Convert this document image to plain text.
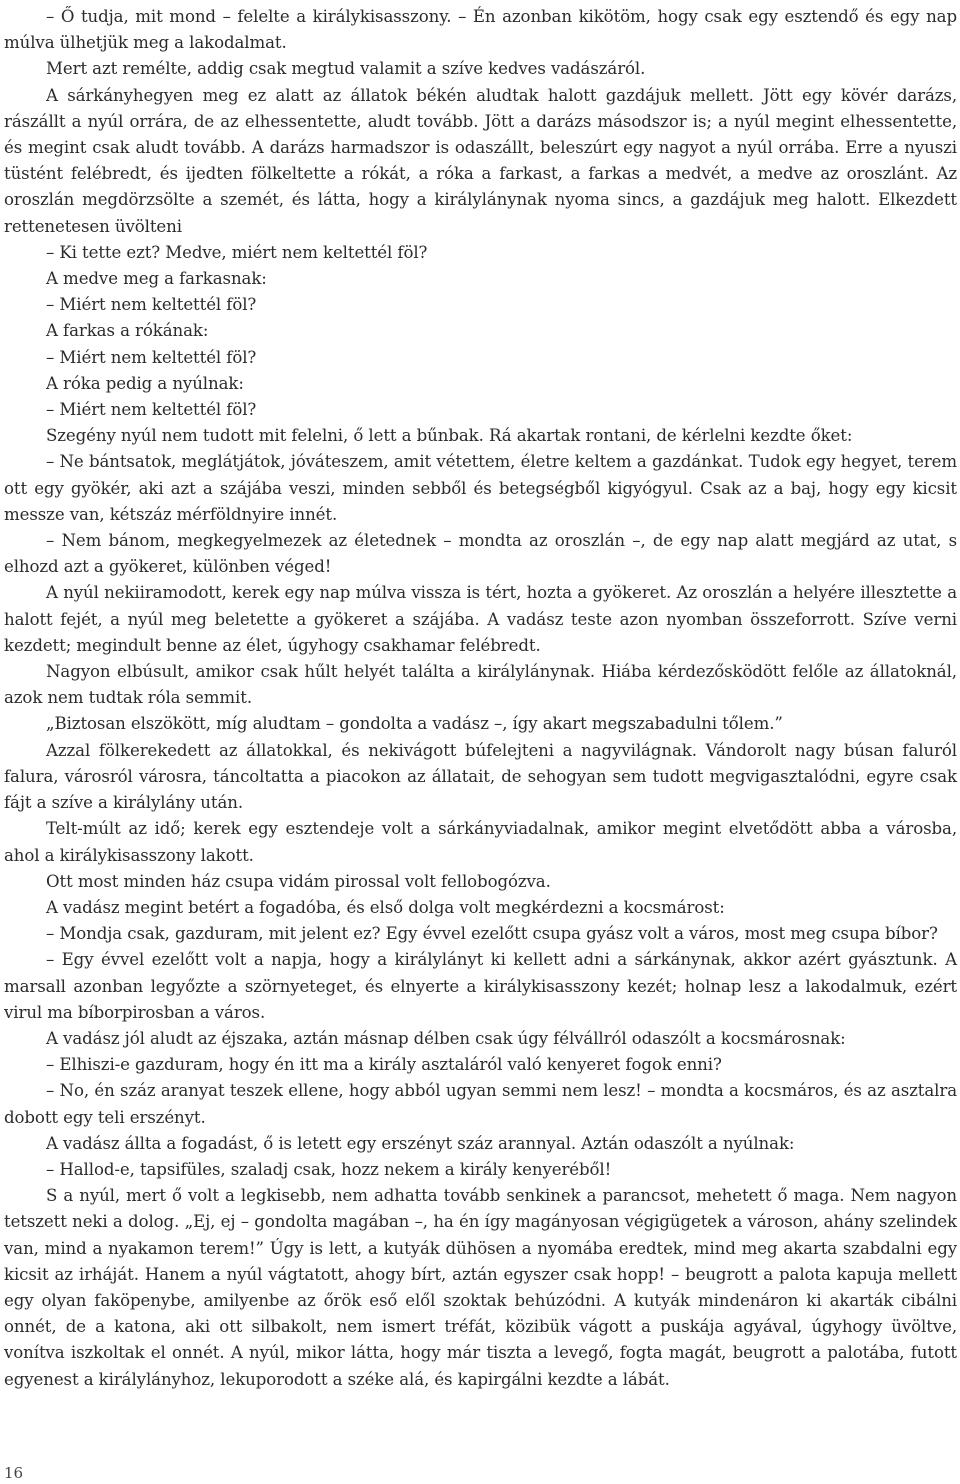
– Ő tudja, mit mond – felelte a királykisasszony. – Én azonban kikötöm, hogy csak egy esztendő és egy nap múlva ülhetjük meg a lakodalmat.

Mert azt remélte, addig csak megtud valamit a szíve kedves vadászáról.

A sárkányhegyen meg ez alatt az állatok békén aludtak halott gazdájuk mellett. Jött egy kövér darázs, rászállt a nyúl orrára, de az elhessentette, aludt tovább. Jött a darázs másodszor is; a nyúl megint elhessentette, és megint csak aludt tovább. A darázs harmadszor is odaszállt, beleszúrt egy nagyot a nyúl orrába. Erre a nyuszi tüstént felébredt, és ijedten fölkeltette a rókát, a róka a farkast, a farkas a medvét, a medve az oroszlánt. Az oroszlán megdörzsölte a szemét, és látta, hogy a királylánynak nyoma sincs, a gazdájuk meg halott. Elkezdett rettenetesen üvölteni

– Ki tette ezt? Medve, miért nem keltettél föl?

A medve meg a farkasnak:

– Miért nem keltettél föl?

A farkas a rókának:

– Miért nem keltettél föl?

A róka pedig a nyúlnak:

– Miért nem keltettél föl?

Szegény nyúl nem tudott mit felelni, ő lett a bűnbak. Rá akartak rontani, de kérlelni kezdte őket:

– Ne bántsatok, meglátjátok, jóváteszem, amit vétettem, életre keltem a gazdánkat. Tudok egy hegyet, terem ott egy gyökér, aki azt a szájába veszi, minden sebből és betegségből kigyógyul. Csak az a baj, hogy egy kicsit messze van, kétszáz mérföldnyire innét.

– Nem bánom, megkegyelmezek az életednek – mondta az oroszlán –, de egy nap alatt megjárd az utat, s elhozd azt a gyökeret, különben véged!

A nyúl nekiiramodott, kerek egy nap múlva vissza is tért, hozta a gyökeret. Az oroszlán a helyére illesztette a halott fejét, a nyúl meg beletette a gyökeret a szájába. A vadász teste azon nyomban összeforrott. Szíve verni kezdett; megindult benne az élet, úgyhogy csakhamar felébredt.

Nagyon elbúsult, amikor csak hűlt helyét találta a királylánynak. Hiába kérdezősködött felőle az állatoknál, azok nem tudtak róla semmit.

„Biztosan elszökött, míg aludtam – gondolta a vadász –, így akart megszabadulni tőlem.”

Azzal fölkerekedett az állatokkal, és nekivágott búfelejteni a nagyvilágnak. Vándorolt nagy búsan faluról falura, városról városra, táncoltatta a piacokon az állatait, de sehogyan sem tudott megvigasztalódni, egyre csak fájt a szíve a királylány után.

Telt-múlt az idő; kerek egy esztendeje volt a sárkányviadalnak, amikor megint elvetődött abba a városba, ahol a királykisasszony lakott.

Ott most minden ház csupa vidám pirossal volt fellobogózva.

A vadász megint betért a fogadóba, és első dolga volt megkérdezni a kocsmárost:

– Mondja csak, gazduram, mit jelent ez? Egy évvel ezelőtt csupa gyász volt a város, most meg csupa bíbor?

– Egy évvel ezelőtt volt a napja, hogy a királylányt ki kellett adni a sárkánynak, akkor azért gyásztunk. A marsall azonban legyőzte a szörnyeteget, és elnyerte a királykisasszony kezét; holnap lesz a lakodalmuk, ezért virul ma bíborpirosban a város.

A vadász jól aludt az éjszaka, aztán másnap délben csak úgy félvállról odaszólt a kocsmárosnak:

– Elhiszi-e gazduram, hogy én itt ma a király asztaláról való kenyeret fogok enni?

– No, én száz aranyat teszek ellene, hogy abból ugyan semmi nem lesz! – mondta a kocsmáros, és az asztalra dobott egy teli erszényt.

A vadász állta a fogadást, ő is letett egy erszényt száz arannyal. Aztán odaszólt a nyúlnak:

– Hallod-e, tapsifüles, szaladj csak, hozz nekem a király kenyeréből!

S a nyúl, mert ő volt a legkisebb, nem adhatta tovább senkinek a parancsot, mehetett ő maga. Nem nagyon tetszett neki a dolog. „Ej, ej – gondolta magában –, ha én így magányosan végigügetek a városon, ahány szelindek van, mind a nyakamon terem!” Úgy is lett, a kutyák dühösen a nyomába eredtek, mind meg akarta szabdalni egy kicsit az irháját. Hanem a nyúl vágtatott, ahogy bírt, aztán egyszer csak hopp! – beugrott a palota kapuja mellett egy olyan faköpenybe, amilyenbe az őrök eső elől szoktak behúzódni. A kutyák mindenáron ki akarták cibálni onnét, de a katona, aki ott silbakolt, nem ismert tréfát, közibük vágott a puskája agyával, úgyhogy üvöltve, vonítva iszkoltak el onnét. A nyúl, mikor látta, hogy már tiszta a levegő, fogta magát, beugrott a palotába, futott egyenest a királylányhoz, lekuporodott a széke alá, és kapirgálni kezdte a lábát.

16
